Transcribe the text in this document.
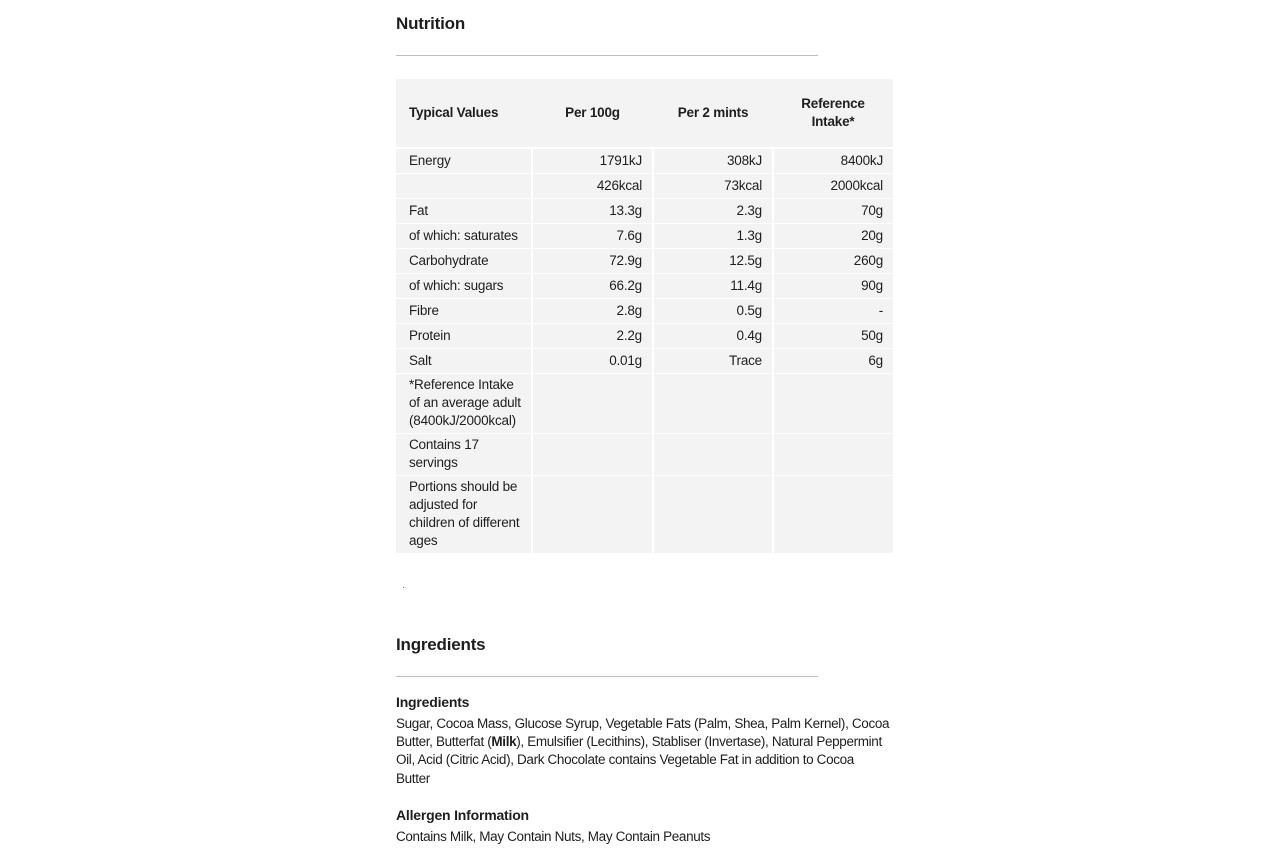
Nutrition
Typical Values	Per 100g	Per 2 mints	Reference Intake*
Energy	1791kJ	308kJ	8400kJ
	426kcal	73kcal	2000kcal
Fat	13.3g	2.3g	70g
of which: saturates	7.6g	1.3g	20g
Carbohydrate	72.9g	12.5g	260g
of which: sugars	66.2g	11.4g	90g
Fibre	2.8g	0.5g	-
Protein	2.2g	0.4g	50g
Salt	0.01g	Trace	6g
*Reference Intake of an average adult (8400kJ/2000kcal)			
Contains 17 servings			
Portions should be adjusted for children of different ages			
·
Ingredients
Ingredients

Sugar, Cocoa Mass, Glucose Syrup, Vegetable Fats (Palm, Shea, Palm Kernel), Cocoa Butter, Butterfat (Milk), Emulsifier (Lecithins), Stabliser (Invertase), Natural Peppermint Oil, Acid (Citric Acid), Dark Chocolate contains Vegetable Fat in addition to Cocoa Butter

Allergen Information

Contains Milk, May Contain Nuts, May Contain Peanuts
